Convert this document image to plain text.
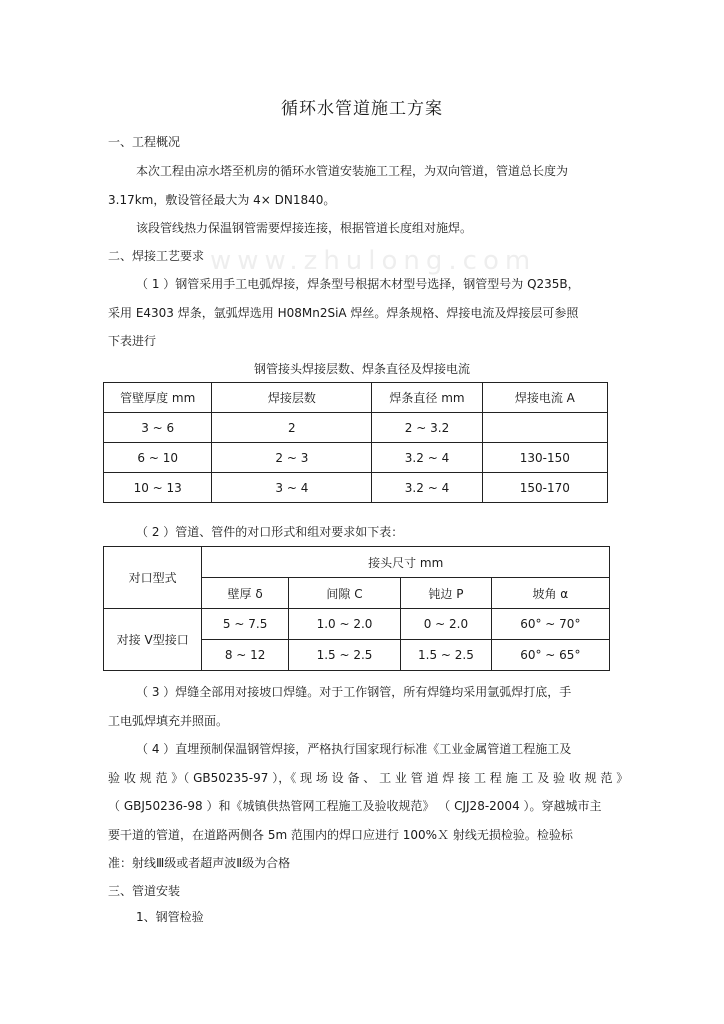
www.zhulong.com
循环水管道施工方案
一、工程概况
本次工程由凉水塔至机房的循环水管道安装施工工程，为双向管道，管道总长度为
3.17km，敷设管径最大为 4× DN1840。
该段管线热力保温钢管需要焊接连接，根据管道长度组对施焊。
二、焊接工艺要求
（ 1 ）钢管采用手工电弧焊接，焊条型号根据木材型号选择，钢管型号为 Q235B，
采用 E4303 焊条，氩弧焊选用 H08Mn2SiA 焊丝。焊条规格、焊接电流及焊接层可参照
下表进行
钢管接头焊接层数、焊条直径及焊接电流
管壁厚度 mm	焊接层数	焊条直径 mm	焊接电流 A
3 ~ 6	2	2 ~ 3.2	
6 ~ 10	2 ~ 3	3.2 ~ 4	130-150
10 ~ 13	3 ~ 4	3.2 ~ 4	150-170
（ 2 ）管道、管件的对口形式和组对要求如下表：
对口型式	接头尺寸 mm			
	壁厚 δ	间隙 C	钝边 P	坡角 α
对接 V型接口	5 ~ 7.5	1.0 ~ 2.0	0 ~ 2.0	60° ~ 70°
	8 ~ 12	1.5 ~ 2.5	1.5 ~ 2.5	60° ~ 65°
（ 3 ）焊缝全部用对接坡口焊缝。对于工作钢管，所有焊缝均采用氩弧焊打底，手
工电弧焊填充并照面。
（ 4 ）直埋预制保温钢管焊接，严格执行国家现行标准《工业金属管道工程施工及
验 收 规 范 》（ GB50235-97 ），《 现 场 设 备 、 工 业 管 道 焊 接 工 程 施 工 及 验 收 规 范 》
（ GBJ50236-98 ）和《城镇供热管网工程施工及验收规范》 （ CJJ28-2004 ）。穿越城市主
要干道的管道，在道路两侧各 5m 范围内的焊口应进行 100%Ｘ 射线无损检验。检验标
准：射线Ⅲ级或者超声波Ⅱ级为合格
三、管道安装
1、钢管检验
